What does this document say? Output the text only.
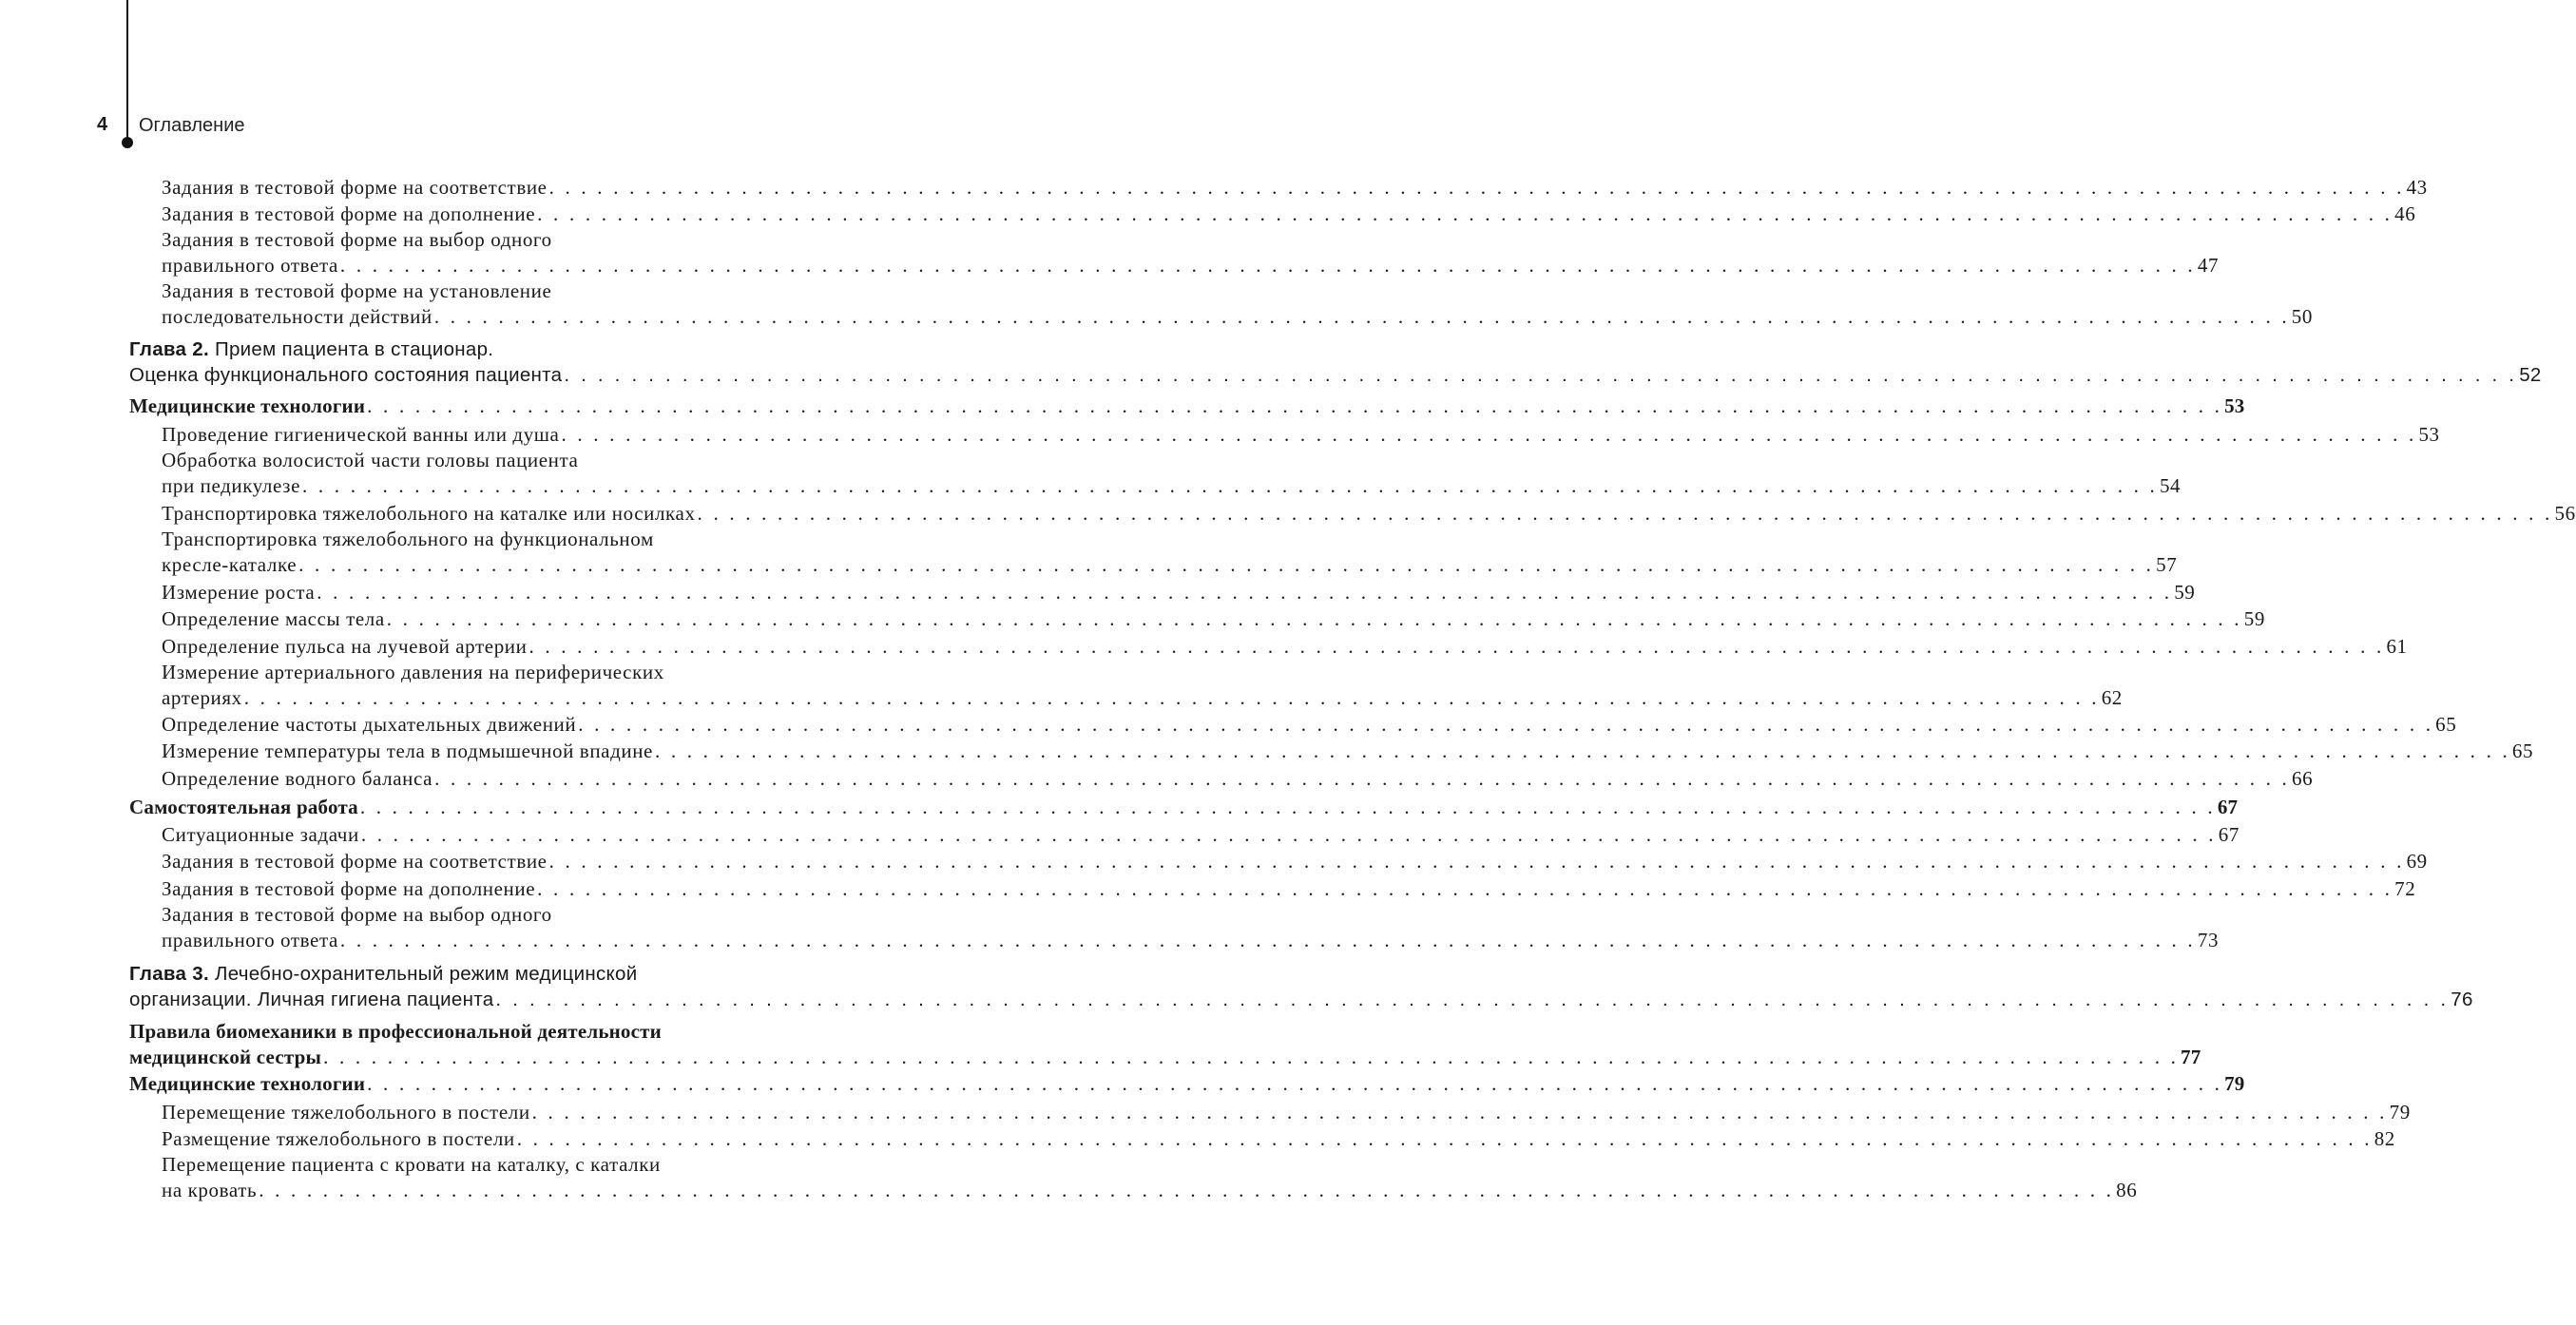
4 Оглавление
Задания в тестовой форме на соответствие . . . . . . . . . . . . . . . . . . . . . . . . . . . . . . . . . . . . . . . . . . . . . . . . . . . . . . . . . . . . . . . . . . . . . . . . . . . . . . . . . . . . . . . . . . . . . . . . . . . . . . . . . . . . . . . . . . . . 43
Задания в тестовой форме на дополнение . . . . . . . . . . . . . . . . . . . . . . . . . . . . . . . . . . . . . . . . . . . . . . . . . . . . . . . . . . . . . . . . . . . . . . . . . . . . . . . . . . . . . . . . . . . . . . . . . . . . . . . . . . . . . . . . . . . . 46
Задания в тестовой форме на выбор одного
правильного ответа . . . . . . . . . . . . . . . . . . . . . . . . . . . . . . . . . . . . . . . . . . . . . . . . . . . . . . . . . . . . . . . . . . . . . . . . . . . . . . . . . . . . . . . . . . . . . . . . . . . . . . . . . . . . . . . . . . . . 47
Задания в тестовой форме на установление
последовательности действий . . . . . . . . . . . . . . . . . . . . . . . . . . . . . . . . . . . . . . . . . . . . . . . . . . . . . . . . . . . . . . . . . . . . . . . . . . . . . . . . . . . . . . . . . . . . . . . . . . . . . . . . . . . . . . . . . . . . 50
Глава 2. Прием пациента в стационар.
Оценка функционального состояния пациента . . . . . . . . . . . . . . . . . . . . . . . . . . . . . . . . . . . . . . . . . . . . . . . . . . . . . . . . . . . . . . . . . . . . . . . . . . . . . . . . . . . . . . . . . . . . . . . . . . . . . . . . . . . . . . . . . . . . 52
Медицинские технологии . . . . . . . . . . . . . . . . . . . . . . . . . . . . . . . . . . . . . . . . . . . . . . . . . . . . . . . . . . . . . . . . . . . . . . . . . . . . . . . . . . . . . . . . . . . . . . . . . . . . . . . . . . . . . . . . . . . . 53
Проведение гигиенической ванны или душа . . . . . . . . . . . . . . . . . . . . . . . . . . . . . . . . . . . . . . . . . . . . . . . . . . . . . . . . . . . . . . . . . . . . . . . . . . . . . . . . . . . . . . . . . . . . . . . . . . . . . . . . . . . . . . . . . . . . 53
Обработка волосистой части головы пациента
при педикулезе . . . . . . . . . . . . . . . . . . . . . . . . . . . . . . . . . . . . . . . . . . . . . . . . . . . . . . . . . . . . . . . . . . . . . . . . . . . . . . . . . . . . . . . . . . . . . . . . . . . . . . . . . . . . . . . . . . . . 54
Транспортировка тяжелобольного на каталке или носилках . . . . . . . . . . . . . . . . . . . . . . . . . . . . . . . . . . . . . . . . . . . . . . . . . . . . . . . . . . . . . . . . . . . . . . . . . . . . . . . . . . . . . . . . . . . . . . . . . . . . . . . . . . . . . . . . . . . . 56
Транспортировка тяжелобольного на функциональном
кресле-каталке . . . . . . . . . . . . . . . . . . . . . . . . . . . . . . . . . . . . . . . . . . . . . . . . . . . . . . . . . . . . . . . . . . . . . . . . . . . . . . . . . . . . . . . . . . . . . . . . . . . . . . . . . . . . . . . . . . . . 57
Измерение роста . . . . . . . . . . . . . . . . . . . . . . . . . . . . . . . . . . . . . . . . . . . . . . . . . . . . . . . . . . . . . . . . . . . . . . . . . . . . . . . . . . . . . . . . . . . . . . . . . . . . . . . . . . . . . . . . . . . . 59
Определение массы тела . . . . . . . . . . . . . . . . . . . . . . . . . . . . . . . . . . . . . . . . . . . . . . . . . . . . . . . . . . . . . . . . . . . . . . . . . . . . . . . . . . . . . . . . . . . . . . . . . . . . . . . . . . . . . . . . . . . . 59
Определение пульса на лучевой артерии . . . . . . . . . . . . . . . . . . . . . . . . . . . . . . . . . . . . . . . . . . . . . . . . . . . . . . . . . . . . . . . . . . . . . . . . . . . . . . . . . . . . . . . . . . . . . . . . . . . . . . . . . . . . . . . . . . . . 61
Измерение артериального давления на периферических
артериях . . . . . . . . . . . . . . . . . . . . . . . . . . . . . . . . . . . . . . . . . . . . . . . . . . . . . . . . . . . . . . . . . . . . . . . . . . . . . . . . . . . . . . . . . . . . . . . . . . . . . . . . . . . . . . . . . . . . 62
Определение частоты дыхательных движений . . . . . . . . . . . . . . . . . . . . . . . . . . . . . . . . . . . . . . . . . . . . . . . . . . . . . . . . . . . . . . . . . . . . . . . . . . . . . . . . . . . . . . . . . . . . . . . . . . . . . . . . . . . . . . . . . . . . 65
Измерение температуры тела в подмышечной впадине . . . . . . . . . . . . . . . . . . . . . . . . . . . . . . . . . . . . . . . . . . . . . . . . . . . . . . . . . . . . . . . . . . . . . . . . . . . . . . . . . . . . . . . . . . . . . . . . . . . . . . . . . . . . . . . . . . . . 65
Определение водного баланса . . . . . . . . . . . . . . . . . . . . . . . . . . . . . . . . . . . . . . . . . . . . . . . . . . . . . . . . . . . . . . . . . . . . . . . . . . . . . . . . . . . . . . . . . . . . . . . . . . . . . . . . . . . . . . . . . . . . 66
Самостоятельная работа . . . . . . . . . . . . . . . . . . . . . . . . . . . . . . . . . . . . . . . . . . . . . . . . . . . . . . . . . . . . . . . . . . . . . . . . . . . . . . . . . . . . . . . . . . . . . . . . . . . . . . . . . . . . . . . . . . . . 67
Ситуационные задачи . . . . . . . . . . . . . . . . . . . . . . . . . . . . . . . . . . . . . . . . . . . . . . . . . . . . . . . . . . . . . . . . . . . . . . . . . . . . . . . . . . . . . . . . . . . . . . . . . . . . . . . . . . . . . . . . . . . . 67
Задания в тестовой форме на соответствие . . . . . . . . . . . . . . . . . . . . . . . . . . . . . . . . . . . . . . . . . . . . . . . . . . . . . . . . . . . . . . . . . . . . . . . . . . . . . . . . . . . . . . . . . . . . . . . . . . . . . . . . . . . . . . . . . . . . 69
Задания в тестовой форме на дополнение . . . . . . . . . . . . . . . . . . . . . . . . . . . . . . . . . . . . . . . . . . . . . . . . . . . . . . . . . . . . . . . . . . . . . . . . . . . . . . . . . . . . . . . . . . . . . . . . . . . . . . . . . . . . . . . . . . . . 72
Задания в тестовой форме на выбор одного
правильного ответа . . . . . . . . . . . . . . . . . . . . . . . . . . . . . . . . . . . . . . . . . . . . . . . . . . . . . . . . . . . . . . . . . . . . . . . . . . . . . . . . . . . . . . . . . . . . . . . . . . . . . . . . . . . . . . . . . . . . 73
Глава 3. Лечебно-охранительный режим медицинской
организации. Личная гигиена пациента . . . . . . . . . . . . . . . . . . . . . . . . . . . . . . . . . . . . . . . . . . . . . . . . . . . . . . . . . . . . . . . . . . . . . . . . . . . . . . . . . . . . . . . . . . . . . . . . . . . . . . . . . . . . . . . . . . . . 76
Правила биомеханики в профессиональной деятельности
медицинской сестры . . . . . . . . . . . . . . . . . . . . . . . . . . . . . . . . . . . . . . . . . . . . . . . . . . . . . . . . . . . . . . . . . . . . . . . . . . . . . . . . . . . . . . . . . . . . . . . . . . . . . . . . . . . . . . . . . . . . 77
Медицинские технологии . . . . . . . . . . . . . . . . . . . . . . . . . . . . . . . . . . . . . . . . . . . . . . . . . . . . . . . . . . . . . . . . . . . . . . . . . . . . . . . . . . . . . . . . . . . . . . . . . . . . . . . . . . . . . . . . . . . . 79
Перемещение тяжелобольного в постели . . . . . . . . . . . . . . . . . . . . . . . . . . . . . . . . . . . . . . . . . . . . . . . . . . . . . . . . . . . . . . . . . . . . . . . . . . . . . . . . . . . . . . . . . . . . . . . . . . . . . . . . . . . . . . . . . . . . 79
Размещение тяжелобольного в постели . . . . . . . . . . . . . . . . . . . . . . . . . . . . . . . . . . . . . . . . . . . . . . . . . . . . . . . . . . . . . . . . . . . . . . . . . . . . . . . . . . . . . . . . . . . . . . . . . . . . . . . . . . . . . . . . . . . . 82
Перемещение пациента с кровати на каталку, с каталки
на кровать . . . . . . . . . . . . . . . . . . . . . . . . . . . . . . . . . . . . . . . . . . . . . . . . . . . . . . . . . . . . . . . . . . . . . . . . . . . . . . . . . . . . . . . . . . . . . . . . . . . . . . . . . . . . . . . . . . . . 86
